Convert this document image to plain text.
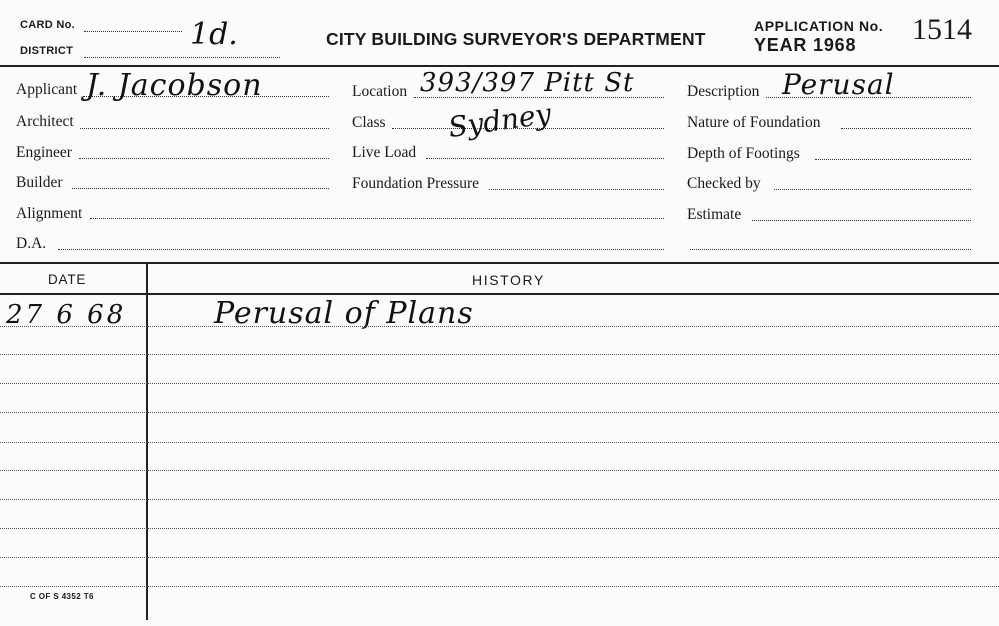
CARD No.
DISTRICT	1d.	CITY BUILDING SURVEYOR'S DEPARTMENT
APPLICATION No.
YEAR 1968 1514
Applicant J. Jacobson
Architect
Engineer
Builder
Alignment
D.A.
Location 393/397 Pitt St
Class Sydney
Live Load
Foundation Pressure
Description Perusal
Nature of Foundation
Depth of Footings
Checked by
Estimate
DATE	HISTORY
27 6 68	Perusal of Plans
C OF S 4352 T6
